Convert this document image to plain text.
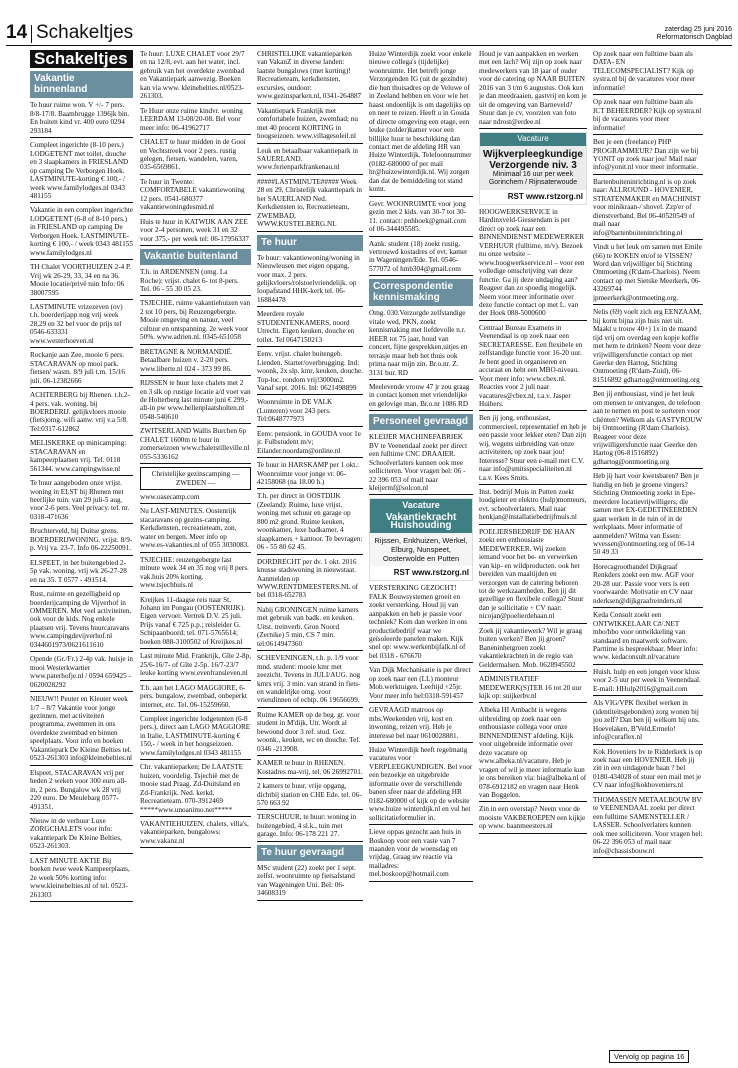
14 Schakeltjes	zaterdag 25 juni 2016
Reformatorisch Dagblad
Schakeltjes
Vakantie binnenland

Te huur ruime won. V +/- 7 pers. 8/8-17/8. Baambrugge 1396jk bin. En buiten kind vr. 400 euro 0294 293184

Compleet ingerichte (8-10 pers.) LODGETENT met toilet, douche en 3 slaapkamers in FRIESLAND op camping De Verborgen Hoek. LASTMINUTE-korting € 100,- / week www.familylodges.nl 0343 481155

Vakantie in een compleet ingerichte LODGETENT (6-8 of 8-10 pers.) in FRIESLAND op camping De Verborgen Hoek. LASTMINUTE-korting € 100,- / week 0343 481155 www.familylodges.nl

TH Chalet VOORTHUIZEN 2-4 P. Vrij wk 26-29, 33, 34 en na 36. Mooie locatie/privé tuin Info: 06 38007595

LASTMINUTE vrizezeven (ov) t.h. boerderijapp nog vrij week 28,29 en 32 bel voor de prijs tel 0546-633331 www.westerhoeven.nl

Rockanje aan Zee, mooie 6 pers. STACARAVAN op mooi park. fietsen/ wasm. 8/9 juli t.m. 15/16 juli. 06-12382666

ACHTERBERG bij Rhenen. t.h.2-4 pers. vak. woning. bij BOERDERIJ. gelijkvloers mooie (fiets)omg. wifi aanw. vrij v.a 5/8. Tel:0317-612862

MELISKERKE op minicamping: STACARAVAN en kampeerplaatsen vrij. Tel. 0118 561344. www.campingwisse.nl

Te huur aangeboden onze vrijst. woning in ELST bij Rhenen met heerlijke tuin. van 29 juli-5 aug. voor 2-6 pers. Veel privacy. tel. nr. 0318-471636

Bruchterveld, bij Duitse grens. BOERDERIJWONING. vrijst. 8/9-p. Vrij va. 23-7. Info 06-22250091.

ELSPEET, in het buitengebied 2-5p vak. woning. vrij wk 26-27-28 en na 35. T 0577 - 491514.

Rust, ruimte en gezelligheid op boerderijcamping de Vijverhof in OMMEREN. Met veel activiteiten, ook voor de kids. Nog enkele plaatsen vrij. Tevens huurcaravans www.campingdevijverhof.nl 0344601973/0621611610

Opende (Gr./Fr.) 2-4p vak. huisje in mooi Westerkwartier www.paterhofje.nl / 0594 659425 - 0620028292

NIEUW!! Peuter en Kleuter week 1/7 – 8/7 Vakantie voor jonge gezinnen. met activiteiten programma, zwemmen in ons overdekte zwembad en binnen speelplaats. Voor info en boeken Vakantiepark De Kleine Belties tel. 0523-261303 info@kleinebelties.nl

Elspeet, STACARAVAN vrij per heden 2 weken voor 300 euro all-in, 2 pers. Bungalow wk 28 vrij 220 euro. De Meulebarg 0577-491351.

Nieuw in de verhuur Luxe ZORGCHALETS voor info: vakantiepark De Kleine Belties, 0523-261303.

LAST MINUTE AKTIE Bij boeken twee week Kampeerplaats, 2e week 50% korting info: www.kleinebelties.nl of tel. 0523-261303

Te huur: LUXE CHALET voor 29/7 en na 12/8, evt. aan het water, incl. gebruik van het overdekte zwembad en Vakantiepark aanwezig. Boeken kan via www. kleinebelties.nl/0523-261303.

Te Huur onze ruime kindvr. woning LEERDAM 13-08/20-08. Bel voor meer info: 06-41962717

CHALET te huur midden in de Gooi en Vechtstreek voor 2 pers. rustig gelegen, fietsen, wandelen, varen, 035-6569861.

Te huur in Twente: COMFORTABELE vakantiewoning 12 pers. 0541-680377 vakantiewoningdesmid.nl

Huis te huur in KATWIJK AAN ZEE voor 2-4 personen, week 31 en 32 voor 375,- per week tel: 06-17956337

Vakantie buitenland

T.h. in ARDENNEN (omg. La Roche): vrijst. chalet 6- tot 8-pers. Tel. 06 - 55 30 05 23.

TSJECHIE, ruime vakantiehuizen van 2 tot 10 pers, bij Reuzengebergte. Mooie omgeving en natuur, veel cultuur en ontspanning. 2e week voor 50%. www.adrien.nl. 0345-651058

BRETAGNE & NORMANDIË. Betaalbare huizen v. 2-20 pers. www.liberte.nl 024 - 373 99 86.

RIJSSEN te huur luxe chalets met 2 en 3 slk op rustige locatie a/d voet van de Holterberg last minute juni € 299,- all-in pw www.hellenplaatsholten.nl 0548-540610

ZWITSERLAND Wallis Burchen 6p CHALET 1600m te huur in zomerseizoen www.chaletstilleville.nl 055-5336162

Christelijke gezinscamping — ZWEDEN —

www.oasecamp.com

Nu LAST-MINUTES. Oostenrijk stacaravans op gezins-camping. Kerkdiensten, recreatieteam, zon, water en bergen. Meer info op www.es-vakanties.nl of 055 3030083.

TSJECHIE: reuzengebergte last minute week 34 en 35 nog vrij 8 pers. vak.huis 20% korting. www.tsjechhuis.nl

Kreijkes 11-daagse reis naar St. Johann im Pongau (OOSTENRIJK). Eigen vervoer. Vertrek D.V. 25 juli. Prijs vanaf € 725 p.p.; reisleider G. Schipaanboord; tel. 071-5765614; boeken 088-3100502 of Kreijkes.nl

Last minute Mid. Frankrijk, Gîte 2-8p, 25/6-16/7- of Gîte 2-5p. 16/7-23/7 leuke korting www.evenfransleven.nl

T.h. aan het LAGO MAGGIORE, 6-pers. bungalow, zwembad, onbeperkt internet, etc. Tel. 06-15259660.

Compleet ingerichte lodgetenten (6-8 pers.), direct aan LAGO MAGGIORE in Italie, LASTMINUTE-korting € 150,- / week in het hoogseizoen. www.familylodges.nl 0343 481155

Chr. vakantieparken; De LAATSTE huizen, voordelig. Tsjechië met de mooie stad Praag. Zd-Duitsland en Zd-Frankrijk. Ned. kerkd. Recreatieteam. 070-3912469 *****www.unoanimo.net*****

VAKANTIEHUIZEN, chalets, villa's, vakantieparken, bungalows: www.vakanz.nl

CHRISTELIJKE vakantieparken van VakanZ in diverse landen: laatste bungalows (met korting)! Recreatieteam, kerkdiensten, excursies, outdoor: www.gezinsparken.nl, 0341-264887

Vakantiepark Frankrijk met comfortabele huizen, zwembad; nu met 40 procent KORTING in hoogseizoen. www.villagesoleil.nl

Leuk en betaalbaar vakantiepark in SAUERLAND. www.ferienparkfrankenau.nl

#####LASTMINUTE##### Week 28 en 29, Christelijk vakantiepark in het SAUERLAND Ned. Kerkdiensten io, Recreatieteam, ZWEMBAD, WWW.KUSTELBERG.NL

Te huur

Te huur: vakantiewoning/woning in Nieuwleusen met eigen opgang, voor max. 2 pers. gelijkvloers/rolstoelvriendelijk. op loopafstand HHK-kerk tel. 06-16884478

Meerdere royale STUDENTENKAMERS, noord Utrecht. Eigen keuken, douche en toilet. Tel 0647150213

Eenv. vrijst. chalet buitengeb. Lienden. Starter/overbrugging. Ind: woonk, 2x slp. kmr, keuken, douche. Top-loc. rondom vrij!3000m2. Vanaf sept. 2016. Inl: 0621498899

Woonruimte in DE VALK (Lunteren) voor 243 pers. Tel:0648777973

Eenv. pensionk. in GOUDA voor 1e jr. Fulbstudent m/v; Eilander.noordam@online.nl

Te huur in HARSKAMP per 1 okt.: Woonruimte voor jonge vr. 06-42158068 (na 18.00 h.)

T.h. per direct in OOSTDIJK (Zeeland): Ruime, luxe vrijst. woning met schuur en garage op 800 m2 grond. Ruime keuken, woonkamer, luxe badkamer, 4 slaapkamers + kantoor. Te bevragen: 06 - 55 80 62 45.

DORDRECHT per dv. 1 okt. 2016 knusse stadswoning in nieuwstaat. Aanmelden op WWW.RENTDMEESTERS.NL of bel 0318-652783

Nabij GRONINGEN ruime kamers met gebruik van badk. en keuken. Uitst. treinverb. Gron Noord (Zernike) 5 min, CS 7 min. tel:0614947360

SCHEVENINGEN, t.h. p. 1/9 voor mnd. student: mooie kmr met zeezicht. Tevens in JULI/AUG. nog kmrs vrij. 3 min. van strand in fiets- en wandelrijke omg. voor vriendinnen of echtp. 06 19656699.

Ruime KAMER op de beg. gr. voor student in M'dijk, Utr. Wordt al bewoond door 3 ref. stud. Gez. woonk., keuken, wc en douche. Tel. 0346 -213908.

KAMER te huur in RHENEN. Kostadres ma-vrij, tel. 06 26992701.

2 kamers te huur, vrije opgang, dichtbij station en CHE Ede. tel. 06-570 663 92

TERSCHUUR, te huur: woning in buitengebied, 4 sl.k., tuin met garage. Info: 06-178 221 27.

Te huur gevraagd

MSc student (22) zoekt per 1 sept. zelfst. woonruimte op fietsafstand van Wageningen Uni. Bel: 06-34608319

Huize Winterdijk zoekt voor enkele nieuwe collega's (tijdelijke) woonruimte. Het betreft jonge Verzorgenden IG (uit de gezindte) die hun thuisadres op de Veluwe of in Zeeland hebben en voor wie het haast ondoenlijk is om dagelijks op en neer te reizen. Heeft u in Gouda of directe omgeving een etage, een leuke (zolder)kamer voor een billijke huur te beschikking dan contact met de afdeling HR van Huize Winterdijk. Telefoonnummer (0182-680000 of per mail hr@huizewinterdijk.nl. Wij zorgen dan dat de bemiddeling tot stand komt.

Gevr. WOONRUIMTE voor jong gezin met 2 kids. van 30-7 tot 30-11. contact: pnhhoek@gmail.com of 06-344495585.

Aank. student (18) zoekt rustig, vertrouwd kostadres of evt. kamer in Wageningen/Ede. Tel. 0546-577072 of hmb304@gmail.com

Correspondentie kennismaking

Omg. 030.Verzorgde zelfstandige vitale wed, PKN, zoekt kennismaking met liefdevolle n.r. HEER tot 75 jaar, houd van concert, fijne gesprekken,uitjes en terrasje maar heb het thuis ook prima naar mijn zin. Br.o.nr. Z. 3131 bur. RD

Meelevende vrouw 47 jr zou graag in contact komen met vriendelijke en gelovige man. Br.o.nr 1086 RD

Personeel gevraagd

KLEIJER MACHINEFABRIEK BV te Veenendaal zoekt per direct een fulltime CNC DRAAIER. Schoolverlaters kunnen ook mee solliciteren. Voor vragen bel: 06 - 22 396 053 of mail naar kleijermf@solcon.nl

Vacature
Vakantiekracht Huishouding
Rijssen, Enkhuizen, Werkel, Elburg, Nunspeet, Oosterwolde en Putten
RST www.rstzorg.nl

VERSTERKING GEZOCHT! FALK Bouwsystemen groeit en zoekt versterking. Houd jij van aanpakken en heb je passie voor techniek? Kom dan werken in ons productiebedrijf waar we geïsoleerde panelen maken. Kijk snel op: www.werkenbijfalk.nl of bel 0318 - 676670

Van Dijk Mechanisatie is per direct op zoek naar een (LL) monteur Mob.werktuigen. Leeftijd +25jr. Voor meer info bel:0318-591457

GEVRAAGD matroos op mbs.Weekenden vrij, kost en inwoning, reizen vrij. Heb je interesse bel naar 0610028881.

Huize Winterdijk heeft regelmatig vacatures voor VERPLEEGKUNDIGEN. Bel voor een bezoekje en uitgebreide informatie over de verschillende banen sfeer naar de afdeling HR 0182-680000 of kijk op de website www.huize winterdijk.nl en vul het sollicitatieformulier in.

Lieve oppas gezocht aan huis in Boskoop voor een vaste van 7 maanden voor de woensdag en vrijdag. Graag uw reactie via mailadres: mel.boskoop@hotmail.com

Houd je van aanpakken en werken met een lach? Wij zijn op zoek naar medewerkers van 18 jaar of ouder voor de catering op NAAR BUITEN 2016 van 3 t/m 6 augustus. Ook kun je dan meedraaien, gastvrij en kom je uit de omgeving van Barneveld? Stuur dan je cv, voorzien van foto naar ndrost@erdee.nl

Vacature
Wijkverpleegkundige Verzorgende niv. 3
Minimaal 16 uur per week
Gorinchem / Rijnsaterwoude
RST www.rstzorg.nl

HOOGWERKSERVICE in Hardinxveld-Giessendam is per direct op zoek naar een BINNENDIENST MEDEWERKER VERHUUR (fulltime, m/v). Bezoek nu onze website – www.hoogwerkservice.nl – voor een volledige omschrijving van deze functie. Ga jij deze uitdaging aan? Reageer dan zo spoedig mogelijk. Neem voor meer informatie over deze functie contact op met L. van der Hoek 088-5000600

Centraal Bureau Examens in Veenendaal is op zoek naar een SECRETARESSE. Een flexibele en zelfstandige functie voor 16-20 uur. Je bent goed in organiseren en accuraat en hebt een MBO-niveau. Voor meer info: www.cbex.nl. Reacties voor 2 juli naar vacatures@cbex.nl, t.a.v. Jasper Huibers.

Ben jij jong, enthousiast, commercieel, representatief en heb je een passie voor lekker eten? Dan zijn wij, wegens uitbreiding van onze activiteiten, op zoek naar jou! Interesse? Stuur een e-mail met C.V. naar info@smitsspecialiteiten.nl t.a.v. Kees Smits.

Inst. bedrijf Muis in Putten zoekt loodgieter en elektro (hulp)monteurs, evt. schoolverlaters. Mail naar henkjan@installatiebedrijfmuis.nl

POELIERSBEDRIJF DE HAAN zoekt een enthousiaste MEDEWERKER. Wij zoeken iemand voor het be- en verwerken van kip- en wildproducten. ook het bereiden van maaltijden en verzorgen van de catering behoren tot de werkzaamheden. Ben jij dit gezellige en flexibele collega? Stuur dan je sollicitatie + CV naar: nicojan@poelierdehaan.nl

Zoek jij vakantiewerk? Wil je graag buiten werken? Ben jij groen? Baneninhetgroen zoekt vakantiekrachten in de regio van Geldermalsen. Mob. 0628945502

ADMINISTRATIEF MEDEWERK(S)TER 16 tot 20 uur kijk op: suijkerbv.nl

Albeka HI Ambacht is wegens uitbreiding op zoek naar een enthousiaste collega voor onze BINNENDIENST afdeling. Kijk voor uitgebreide informatie over deze vacature op www.albeka.nl/vacature. Heb je vragen of wil je meer informatie kun je ons bereiken via: hia@albeka.nl of 078-6912182 en vragen naar Henk van Boggelen.

Zin in een overstap? Neem voor de mooiste VAKBEROEPEN een kijkje op www. baanmeesters.nl

Op zoek naar een fulltime baan als DATA- EN TELECOMSPECIALIST? Kijk op systra.nl bij de vacatures voor meer informatie!

Op zoek naar een fulltime baan als ICT BEHEERDER? Kijk op systra.nl bij de vacatures voor meer informatie!

Ben je een (freelance) PHP PROGRAMMEUR? Dan zijn we bij YONIT op zoek naar jou! Mail naar info@yonit.nl voor meer informatie.

Bartenbuiteninrichting.nl is op zoek naar: ALLROUND - HOVENIER, STRATENMAKER en MACHINIST voor minikraan-/ shovel. Zzp'er of dienstverband. Bel 06-40520549 of mail naar info@bartenbuiteninrichting.nl

Vindt u het leuk om samen met Emile (66) te KOKEN en/of te VISSEN? Word dan vrijwilliger bij Stichting Ontmoeting (R'dam-Charlois). Neem contact op met Sietske Meerkerk, 06-43269744 jpmeerkerk@ontmoeting.org.

Nelis (69) voelt zich erg EENZAAM, hij komt bijna zijn huis niet uit. Maakt u trouw 40+) 1x in de maand tijd vrij om overdag een kopje koffie met hem te drinken? Neem voor deze vrijwilligersfunctie contact op met Geerke den Hartog, Stichting Ontmoeting (R'dam-Zuid), 06-81516892 gdhartog@ontmoeting.org

Ben jij enthousiast, vind je het leuk om mensen te ontvangen, de telefoon aan te nemen en post te sorteren voor cliënten? Welkom als GASTVROUW bij Ontmoeting (R'dam Charlois). Reageer voor deze vrijwilligersfunctie naar Geerke den Hartog (06-81516892) gdhartog@ontmoeting.org

Heb jij hart voor kwetsbaren? Ben je handig en heb je groene vingers? Stichting Ontmoeting zoekt in Epe-meerdere locatievrijwilligers, die samen met EX-GEDETINEERDEN gaan werken in de tuin of in de werkplaats. Meer informatie of aanmelden? Wilma van Essen: wvessen@ontmoeting.org of 06-14 50 49 33

Horecagroothandel Dijkgraaf Renkders zoekt een mw. AGF voor 20-28 uur. Passie voor vers is een voorwaarde: Motivatie en CV naar nderksen@dijkgraafreinders.nl

Keda Consult zoekt een ONTWIKKELAAR C#/.NET mbo/hbo voor ontwikkeling van standaard en maatwerk software. Parttime is bespreekbaar. Meer info: www. kedaconsult.nl/vacature

Huish. hulp en een jongen voor kluss voor 2-5 uur per week in Veenendaal. E-mail: HHulp2016@gmail.com

Als VIG/VPK flexibel werken in (identiteitsgebonden) zorg wonen bij jou zelf? Dan ben jij welkom bij ons. Hoevelaken, B'Veld,Ermelo! info@curaflex.nl

Kok Hoveniers bv te Ridderkerk is op zoek naar een HOVENIER. Heb jij zin in een uitdagende baan ? bel 0180-434028 of stuur een mail met je CV naar info@kokhoveniers.nl

THOMASSEN METAALBOUW BV te VEENENDAAL zoekt per direct een fulltime SAMENSTELLER / LASSER. Schoolverlaters kunnen ook mee solliciteren. Voor vragen bel: 06-22 396 053 of mail naar info@chassisbouw.nl

Vervolg op pagina 16
